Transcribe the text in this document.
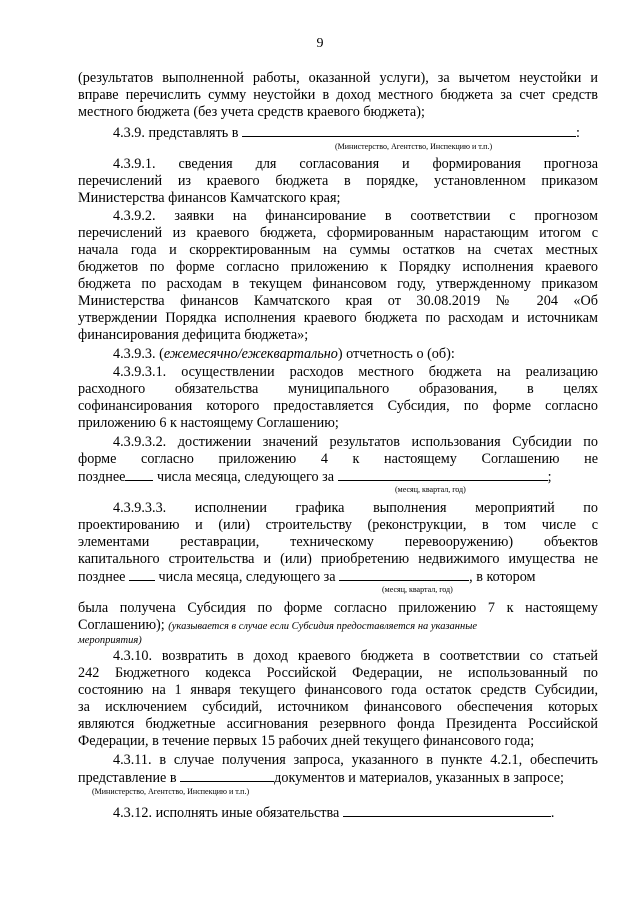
9
(результатов выполненной работы, оказанной услуги), за вычетом неустойки и
вправе перечислить сумму неустойки в доход местного бюджета за счет средств
местного бюджета (без учета средств краевого бюджета);
4.3.9. представлять в	:
(Министерство, Агентство, Инспекцию и т.п.)
4.3.9.1. сведения для согласования и формирования прогноза
перечислений из краевого бюджета в порядке, установленном приказом
Министерства финансов Камчатского края;
4.3.9.2. заявки на финансирование в соответствии с прогнозом
перечислений из краевого бюджета, сформированным нарастающим итогом с
начала года и скорректированным на суммы остатков на счетах местных
бюджетов по форме согласно приложению к Порядку исполнения краевого
бюджета по расходам в текущем финансовом году, утвержденному приказом
Министерства финансов Камчатского края от 30.08.2019 № 204 «Об
утверждении Порядка исполнения краевого бюджета по расходам и источникам
финансирования дефицита бюджета»;
4.3.9.3. (ежемесячно/ежеквартально) отчетность о (об):
4.3.9.3.1. осуществлении расходов местного бюджета на реализацию
расходного обязательства муниципального образования, в целях
софинансирования которого предоставляется Субсидия, по форме согласно
приложению 6 к настоящему Соглашению;
4.3.9.3.2. достижении значений результатов использования Субсидии по
форме согласно приложению 4 к настоящему Соглашению не
позднее числа месяца, следующего за	;
(месяц, квартал, год)
4.3.9.3.3. исполнении графика выполнения мероприятий по
проектированию и (или) строительству (реконструкции, в том числе с
элементами реставрации, техническому перевооружению) объектов
капитального строительства и (или) приобретению недвижимого имущества не
позднее числа месяца, следующего за	, в котором
(месяц, квартал, год)
была получена Субсидия по форме согласно приложению 7 к настоящему
Соглашению); (указывается в случае если Субсидия предоставляется на указанные
мероприятия)
4.3.10. возвратить в доход краевого бюджета в соответствии со статьей
242 Бюджетного кодекса Российской Федерации, не использованный по
состоянию на 1 января текущего финансового года остаток средств Субсидии,
за исключением субсидий, источником финансового обеспечения которых
являются бюджетные ассигнования резервного фонда Президента Российской
Федерации, в течение первых 15 рабочих дней текущего финансового года;
4.3.11. в случае получения запроса, указанного в пункте 4.2.1, обеспечить
представление в	документов и материалов, указанных в запросе;
(Министерство, Агентство, Инспекцию и т.п.)
4.3.12. исполнять иные обязательства	.
